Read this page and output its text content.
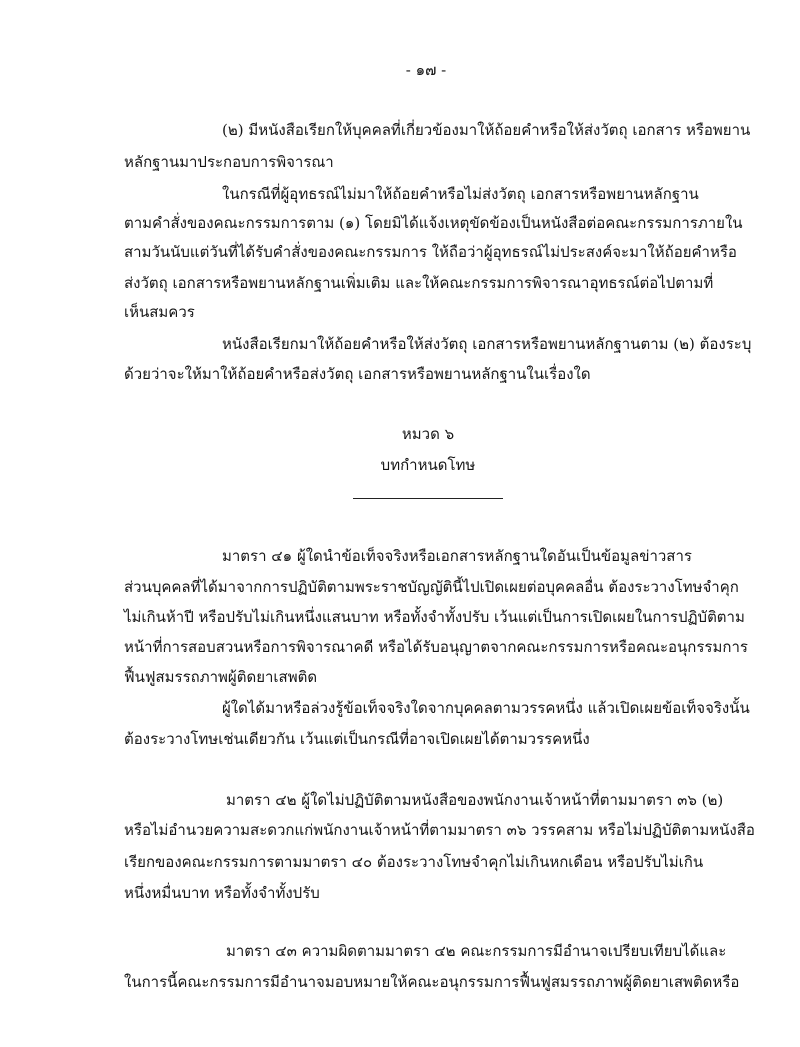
- ๑๗ -
(๒) มีหนังสือเรียกให้บุคคลที่เกี่ยวข้องมาให้ถ้อยคำหรือให้ส่งวัตถุ เอกสาร หรือพยาน
หลักฐานมาประกอบการพิจารณา
ในกรณีที่ผู้อุทธรณ์ไม่มาให้ถ้อยคำหรือไม่ส่งวัตถุ เอกสารหรือพยานหลักฐาน
ตามคำสั่งของคณะกรรมการตาม (๑) โดยมิได้แจ้งเหตุขัดข้องเป็นหนังสือต่อคณะกรรมการภายใน
สามวันนับแต่วันที่ได้รับคำสั่งของคณะกรรมการ ให้ถือว่าผู้อุทธรณ์ไม่ประสงค์จะมาให้ถ้อยคำหรือ
ส่งวัตถุ เอกสารหรือพยานหลักฐานเพิ่มเติม และให้คณะกรรมการพิจารณาอุทธรณ์ต่อไปตามที่
เห็นสมควร
หนังสือเรียกมาให้ถ้อยคำหรือให้ส่งวัตถุ เอกสารหรือพยานหลักฐานตาม (๒) ต้องระบุ
ด้วยว่าจะให้มาให้ถ้อยคำหรือส่งวัตถุ เอกสารหรือพยานหลักฐานในเรื่องใด
หมวด ๖
บทกำหนดโทษ
มาตรา ๔๑ ผู้ใดนำข้อเท็จจริงหรือเอกสารหลักฐานใดอันเป็นข้อมูลข่าวสาร
ส่วนบุคคลที่ได้มาจากการปฏิบัติตามพระราชบัญญัตินี้ไปเปิดเผยต่อบุคคลอื่น ต้องระวางโทษจำคุก
ไม่เกินห้าปี หรือปรับไม่เกินหนึ่งแสนบาท หรือทั้งจำทั้งปรับ เว้นแต่เป็นการเปิดเผยในการปฏิบัติตาม
หน้าที่การสอบสวนหรือการพิจารณาคดี หรือได้รับอนุญาตจากคณะกรรมการหรือคณะอนุกรรมการ
ฟื้นฟูสมรรถภาพผู้ติดยาเสพติด
ผู้ใดได้มาหรือล่วงรู้ข้อเท็จจริงใดจากบุคคลตามวรรคหนึ่ง แล้วเปิดเผยข้อเท็จจริงนั้น
ต้องระวางโทษเช่นเดียวกัน เว้นแต่เป็นกรณีที่อาจเปิดเผยได้ตามวรรคหนึ่ง
มาตรา ๔๒ ผู้ใดไม่ปฏิบัติตามหนังสือของพนักงานเจ้าหน้าที่ตามมาตรา ๓๖ (๒)
หรือไม่อำนวยความสะดวกแก่พนักงานเจ้าหน้าที่ตามมาตรา ๓๖ วรรคสาม หรือไม่ปฏิบัติตามหนังสือ
เรียกของคณะกรรมการตามมาตรา ๔๐ ต้องระวางโทษจำคุกไม่เกินหกเดือน หรือปรับไม่เกิน
หนึ่งหมื่นบาท หรือทั้งจำทั้งปรับ
มาตรา ๔๓ ความผิดตามมาตรา ๔๒ คณะกรรมการมีอำนาจเปรียบเทียบได้และ
ในการนี้คณะกรรมการมีอำนาจมอบหมายให้คณะอนุกรรมการฟื้นฟูสมรรถภาพผู้ติดยาเสพติดหรือ
